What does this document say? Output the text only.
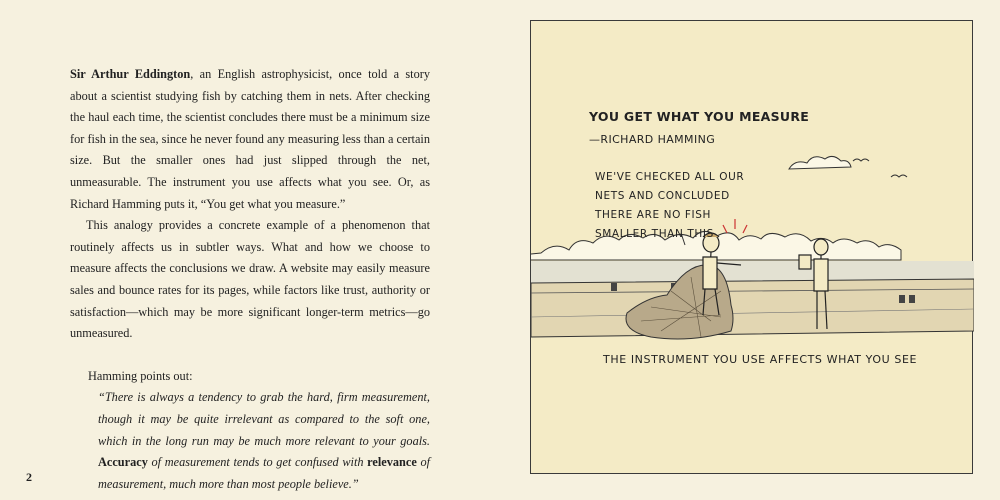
Sir Arthur Eddington, an English astrophysicist, once told a story about a scientist studying fish by catching them in nets. After checking the haul each time, the scientist concludes there must be a minimum size for fish in the sea, since he never found any measuring less than a certain size. But the smaller ones had just slipped through the net, unmeasurable. The instrument you use affects what you see. Or, as Richard Hamming puts it, “You get what you measure.”

This analogy provides a concrete example of a phenomenon that routinely affects us in subtler ways. What and how we choose to measure affects the conclusions we draw. A website may easily measure sales and bounce rates for its pages, while factors like trust, authority or satisfaction—which may be more significant longer-term metrics—go unmeasured.

Hamming points out:

“There is always a tendency to grab the hard, firm measurement, though it may be quite irrelevant as compared to the soft one, which in the long run may be much more relevant to your goals. Accuracy of measurement tends to get confused with relevance of measurement, much more than most people believe.”

2
YOU GET WHAT YOU MEASURE
—RICHARD HAMMING
WE'VE CHECKED ALL OUR
NETS AND CONCLUDED
THERE ARE NO FISH
SMALLER THAN THIS
THE INSTRUMENT YOU USE AFFECTS WHAT YOU SEE
